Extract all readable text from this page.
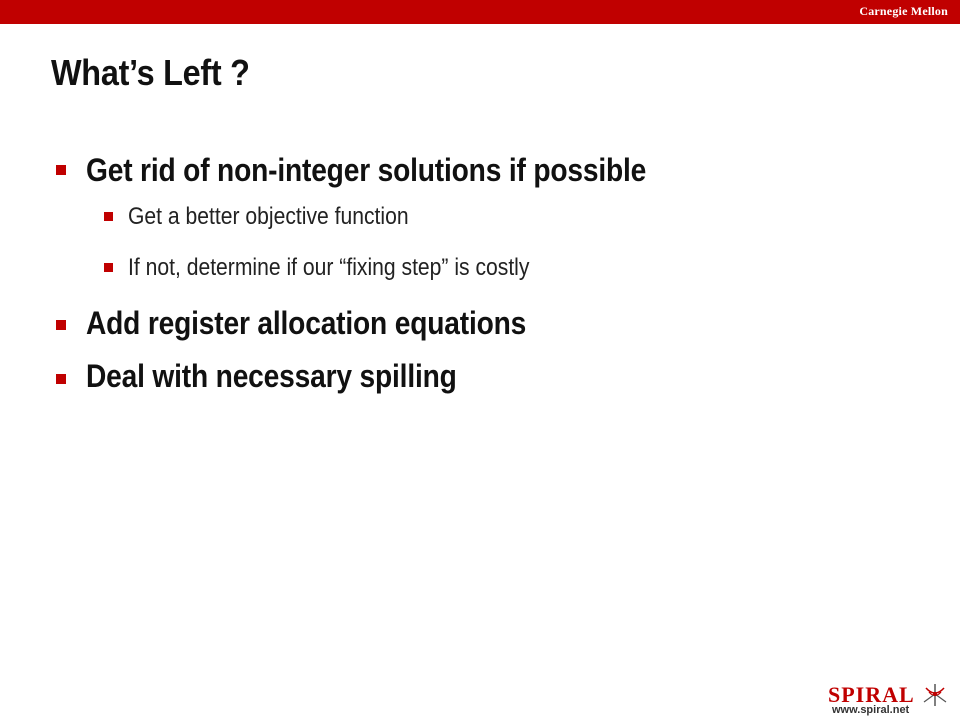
Carnegie Mellon
What’s Left ?
Get rid of non-integer solutions if possible
Get a better objective function
If not, determine if our “fixing step” is costly
Add register allocation equations
Deal with necessary spilling
SPIRAL
www.spiral.net
